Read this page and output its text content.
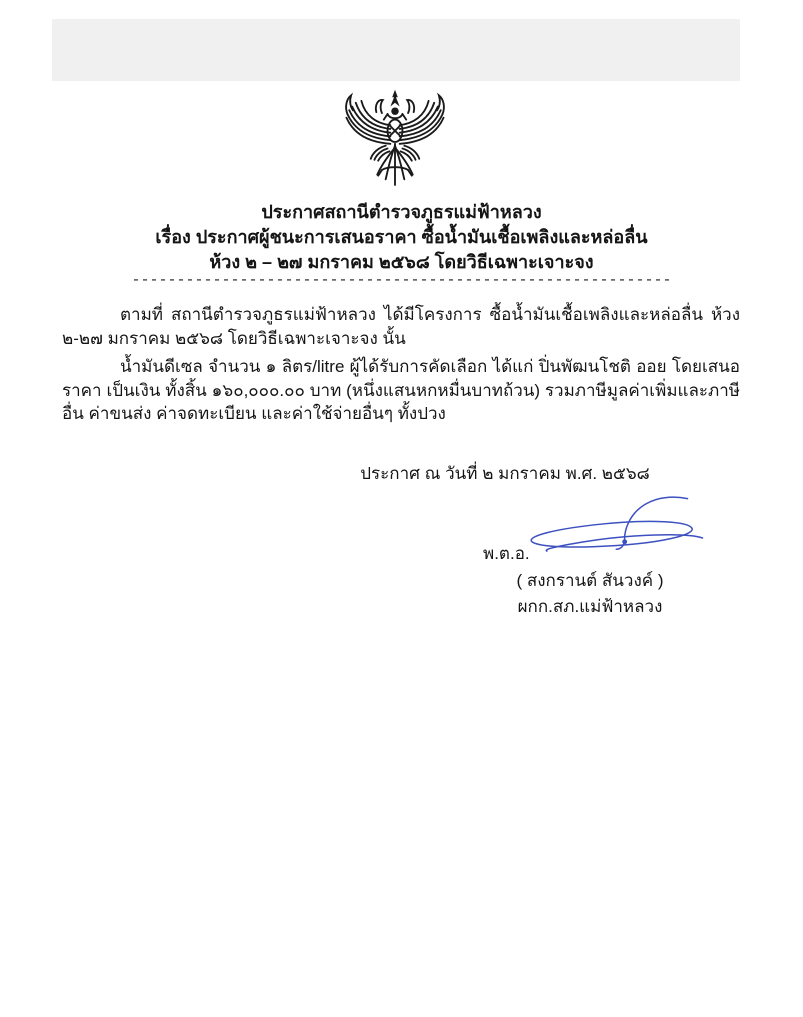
ประกาศสถานีตำรวจภูธรแม่ฟ้าหลวง
เรื่อง ประกาศผู้ชนะการเสนอราคา ซื้อน้ำมันเชื้อเพลิงและหล่อลื่น
ห้วง ๒ – ๒๗ มกราคม ๒๕๖๘ โดยวิธีเฉพาะเจาะจง
------------------------------------------------------------

ตามที่ สถานีตำรวจภูธรแม่ฟ้าหลวง ได้มีโครงการ ซื้อน้ำมันเชื้อเพลิงและหล่อลื่น ห้วง ๒-๒๗ มกราคม ๒๕๖๘ โดยวิธีเฉพาะเจาะจง นั้น

น้ำมันดีเซล จำนวน ๑ ลิตร/litre ผู้ได้รับการคัดเลือก ได้แก่ ปิ่นพัฒนโชติ ออย โดยเสนอราคา เป็นเงิน ทั้งสิ้น ๑๖๐,๐๐๐.๐๐ บาท (หนึ่งแสนหกหมื่นบาทถ้วน) รวมภาษีมูลค่าเพิ่มและภาษีอื่น ค่าขนส่ง ค่าจดทะเบียน และค่าใช้จ่ายอื่นๆ ทั้งปวง

ประกาศ ณ วันที่ ๒ มกราคม พ.ศ. ๒๕๖๘
พ.ต.อ.
( สงกรานต์ สันวงค์ )
ผกก.สภ.แม่ฟ้าหลวง
